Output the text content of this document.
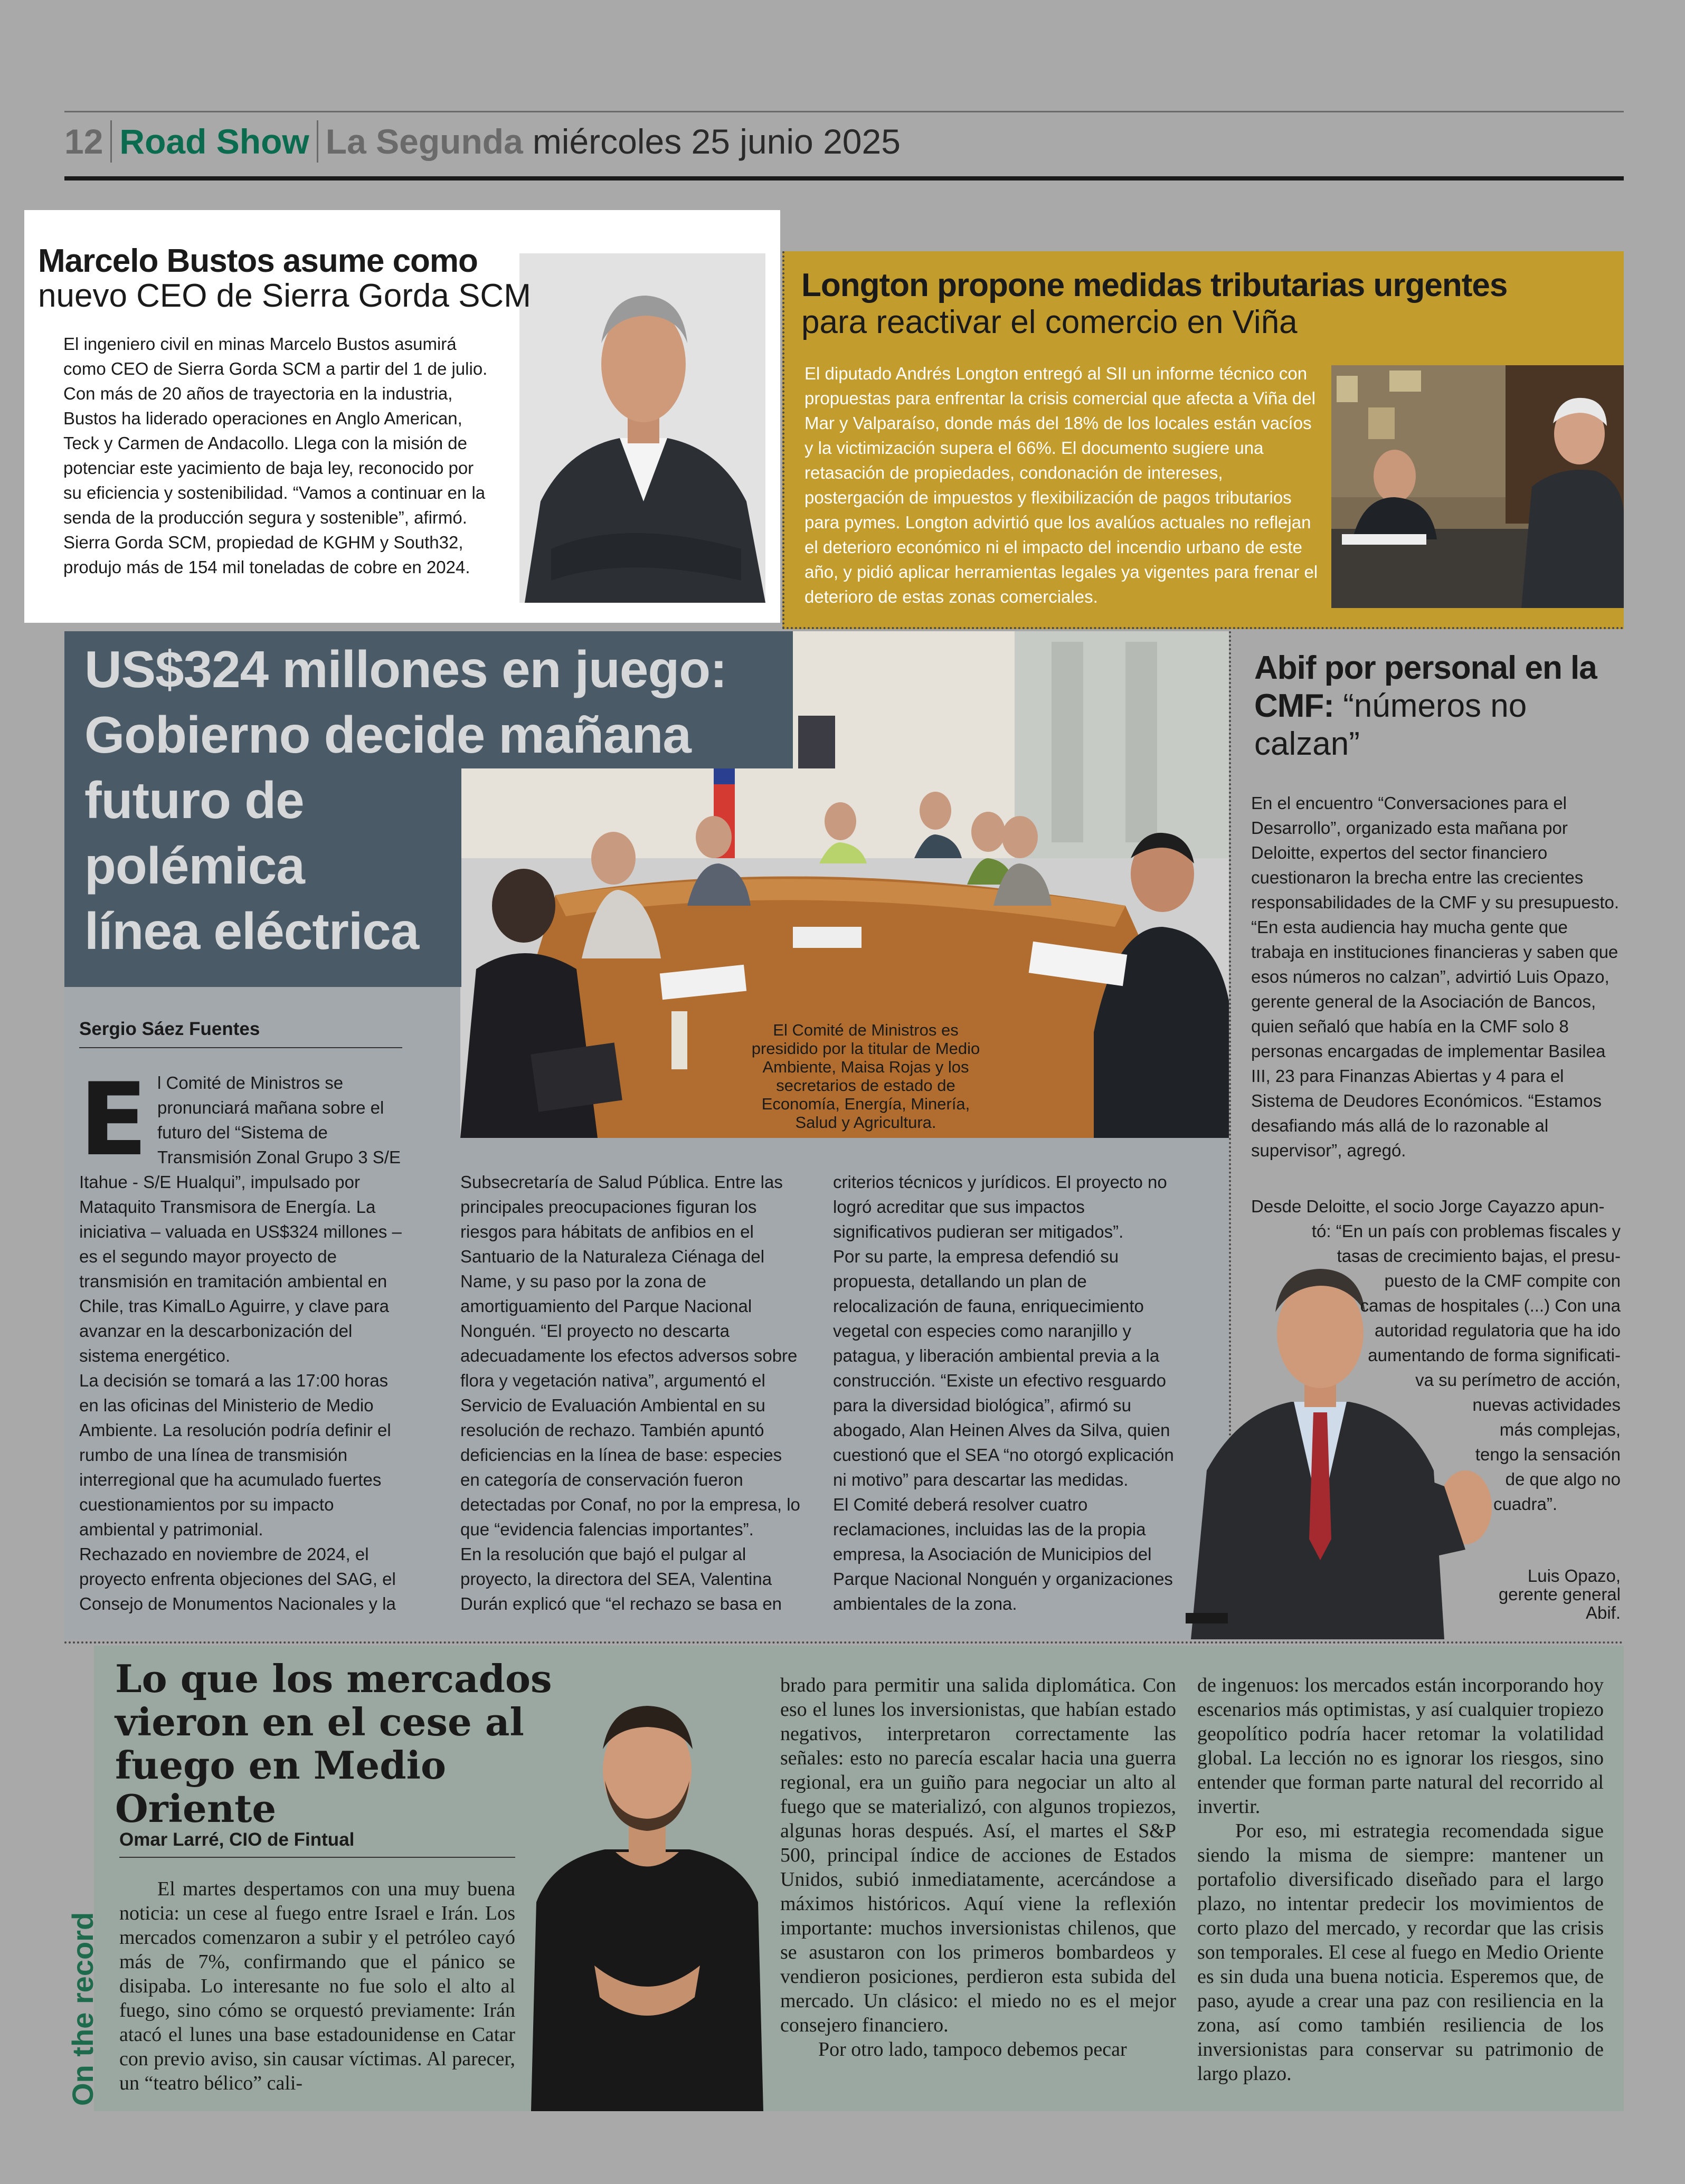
12 Road Show La Segunda miércoles 25 junio 2025
Marcelo Bustos asume como
nuevo CEO de Sierra Gorda SCM

El ingeniero civil en minas Marcelo Bustos asumirá como CEO de Sierra Gorda SCM a partir del 1 de julio. Con más de 20 años de trayectoria en la industria, Bustos ha liderado operaciones en Anglo American, Teck y Carmen de Andacollo. Llega con la misión de potenciar este yacimiento de baja ley, reconocido por su eficiencia y sostenibilidad. “Vamos a continuar en la senda de la producción segura y sostenible”, afirmó. Sierra Gorda SCM, propiedad de KGHM y South32, produjo más de 154 mil toneladas de cobre en 2024.

Longton propone medidas tributarias urgentes
para reactivar el comercio en Viña

El diputado Andrés Longton entregó al SII un informe técnico con propuestas para enfrentar la crisis comercial que afecta a Viña del Mar y Valparaíso, donde más del 18% de los locales están vacíos y la victimización supera el 66%. El documento sugiere una retasación de propiedades, condonación de intereses, postergación de impuestos y flexibilización de pagos tributarios para pymes. Longton advirtió que los avalúos actuales no reflejan el deterioro económico ni el impacto del incendio urbano de este año, y pidió aplicar herramientas legales ya vigentes para frenar el deterioro de estas zonas comerciales.

US$324 millones en juego:
Gobierno decide mañana
futuro de
polémica
línea eléctrica

El Comité de Ministros es presidido por la titular de Medio Ambiente, Maisa Rojas y los secretarios de estado de Economía, Energía, Minería, Salud y Agricultura.

Sergio Sáez Fuentes
E l Comité de Ministros se pronunciará mañana sobre el futuro del “Sistema de Transmisión Zonal Grupo 3 S/E

Itahue - S/E Hualqui”, impulsado por Mataquito Transmisora de Energía. La iniciativa – valuada en US$324 millones – es el segundo mayor proyecto de transmisión en tramitación ambiental en Chile, tras KimalLo Aguirre, y clave para avanzar en la descarbonización del sistema energético.

La decisión se tomará a las 17:00 horas en las oficinas del Ministerio de Medio Ambiente. La resolución podría definir el rumbo de una línea de transmisión interregional que ha acumulado fuertes cuestionamientos por su impacto ambiental y patrimonial.

Rechazado en noviembre de 2024, el proyecto enfrenta objeciones del SAG, el Consejo de Monumentos Nacionales y la

Subsecretaría de Salud Pública. Entre las principales preocupaciones figuran los riesgos para hábitats de anfibios en el Santuario de la Naturaleza Ciénaga del Name, y su paso por la zona de amortiguamiento del Parque Nacional Nonguén. “El proyecto no descarta adecuadamente los efectos adversos sobre flora y vegetación nativa”, argumentó el Servicio de Evaluación Ambiental en su resolución de rechazo. También apuntó deficiencias en la línea de base: especies en categoría de conservación fueron detectadas por Conaf, no por la empresa, lo que “evidencia falencias importantes”.

En la resolución que bajó el pulgar al proyecto, la directora del SEA, Valentina Durán explicó que “el rechazo se basa en

criterios técnicos y jurídicos. El proyecto no logró acreditar que sus impactos significativos pudieran ser mitigados”.

Por su parte, la empresa defendió su propuesta, detallando un plan de relocalización de fauna, enriquecimiento vegetal con especies como naranjillo y patagua, y liberación ambiental previa a la construcción. “Existe un efectivo resguardo para la diversidad biológica”, afirmó su abogado, Alan Heinen Alves da Silva, quien cuestionó que el SEA “no otorgó explicación ni motivo” para descartar las medidas.

El Comité deberá resolver cuatro reclamaciones, incluidas las de la propia empresa, la Asociación de Municipios del Parque Nacional Nonguén y organizaciones ambientales de la zona.

Abif por personal en la CMF: “números no calzan”

En el encuentro “Conversaciones para el Desarrollo”, organizado esta mañana por Deloitte, expertos del sector financiero cuestionaron la brecha entre las crecientes responsabilidades de la CMF y su presupuesto. “En esta audiencia hay mucha gente que trabaja en instituciones financieras y saben que esos números no calzan”, advirtió Luis Opazo, gerente general de la Asociación de Bancos, quien señaló que había en la CMF solo 8 personas encargadas de implementar Basilea III, 23 para Finanzas Abiertas y 4 para el Sistema de Deudores Económicos. “Estamos desafiando más allá de lo razonable al supervisor”, agregó.

Desde Deloitte, el socio Jorge Cayazzo apun-
tó: “En un país con problemas fiscales y
tasas de crecimiento bajas, el presu-
puesto de la CMF compite con
camas de hospitales (...) Con una
autoridad regulatoria que ha ido
aumentando de forma significati-
va su perímetro de acción,
nuevas actividades
más complejas,
tengo la sensación
de que algo no
cuadra”.

Luis Opazo, gerente general Abif.

On the record
Lo que los mercados vieron en el cese al fuego en Medio Oriente
Omar Larré, CIO de Fintual

El martes despertamos con una muy buena noticia: un cese al fuego entre Israel e Irán. Los mercados comenzaron a subir y el petróleo cayó más de 7%, confirmando que el pánico se disipaba. Lo interesante no fue solo el alto al fuego, sino cómo se orquestó previamente: Irán atacó el lunes una base estadounidense en Catar con previo aviso, sin causar víctimas. Al parecer, un “teatro bélico” cali-

brado para permitir una salida diplomática. Con eso el lunes los inversionistas, que habían estado negativos, interpretaron correctamente las señales: esto no parecía escalar hacia una guerra regional, era un guiño para negociar un alto al fuego que se materializó, con algunos tropiezos, algunas horas después. Así, el martes el S&P 500, principal índice de acciones de Estados Unidos, subió inmediatamente, acercándose a máximos históricos. Aquí viene la reflexión importante: muchos inversionistas chilenos, que se asustaron con los primeros bombardeos y vendieron posiciones, perdieron esta subida del mercado. Un clásico: el miedo no es el mejor consejero financiero.

Por otro lado, tampoco debemos pecar

de ingenuos: los mercados están incorporando hoy escenarios más optimistas, y así cualquier tropiezo geopolítico podría hacer retomar la volatilidad global. La lección no es ignorar los riesgos, sino entender que forman parte natural del recorrido al invertir.

Por eso, mi estrategia recomendada sigue siendo la misma de siempre: mantener un portafolio diversificado diseñado para el largo plazo, no intentar predecir los movimientos de corto plazo del mercado, y recordar que las crisis son temporales. El cese al fuego en Medio Oriente es sin duda una buena noticia. Esperemos que, de paso, ayude a crear una paz con resiliencia en la zona, así como también resiliencia de los inversionistas para conservar su patrimonio de largo plazo.
